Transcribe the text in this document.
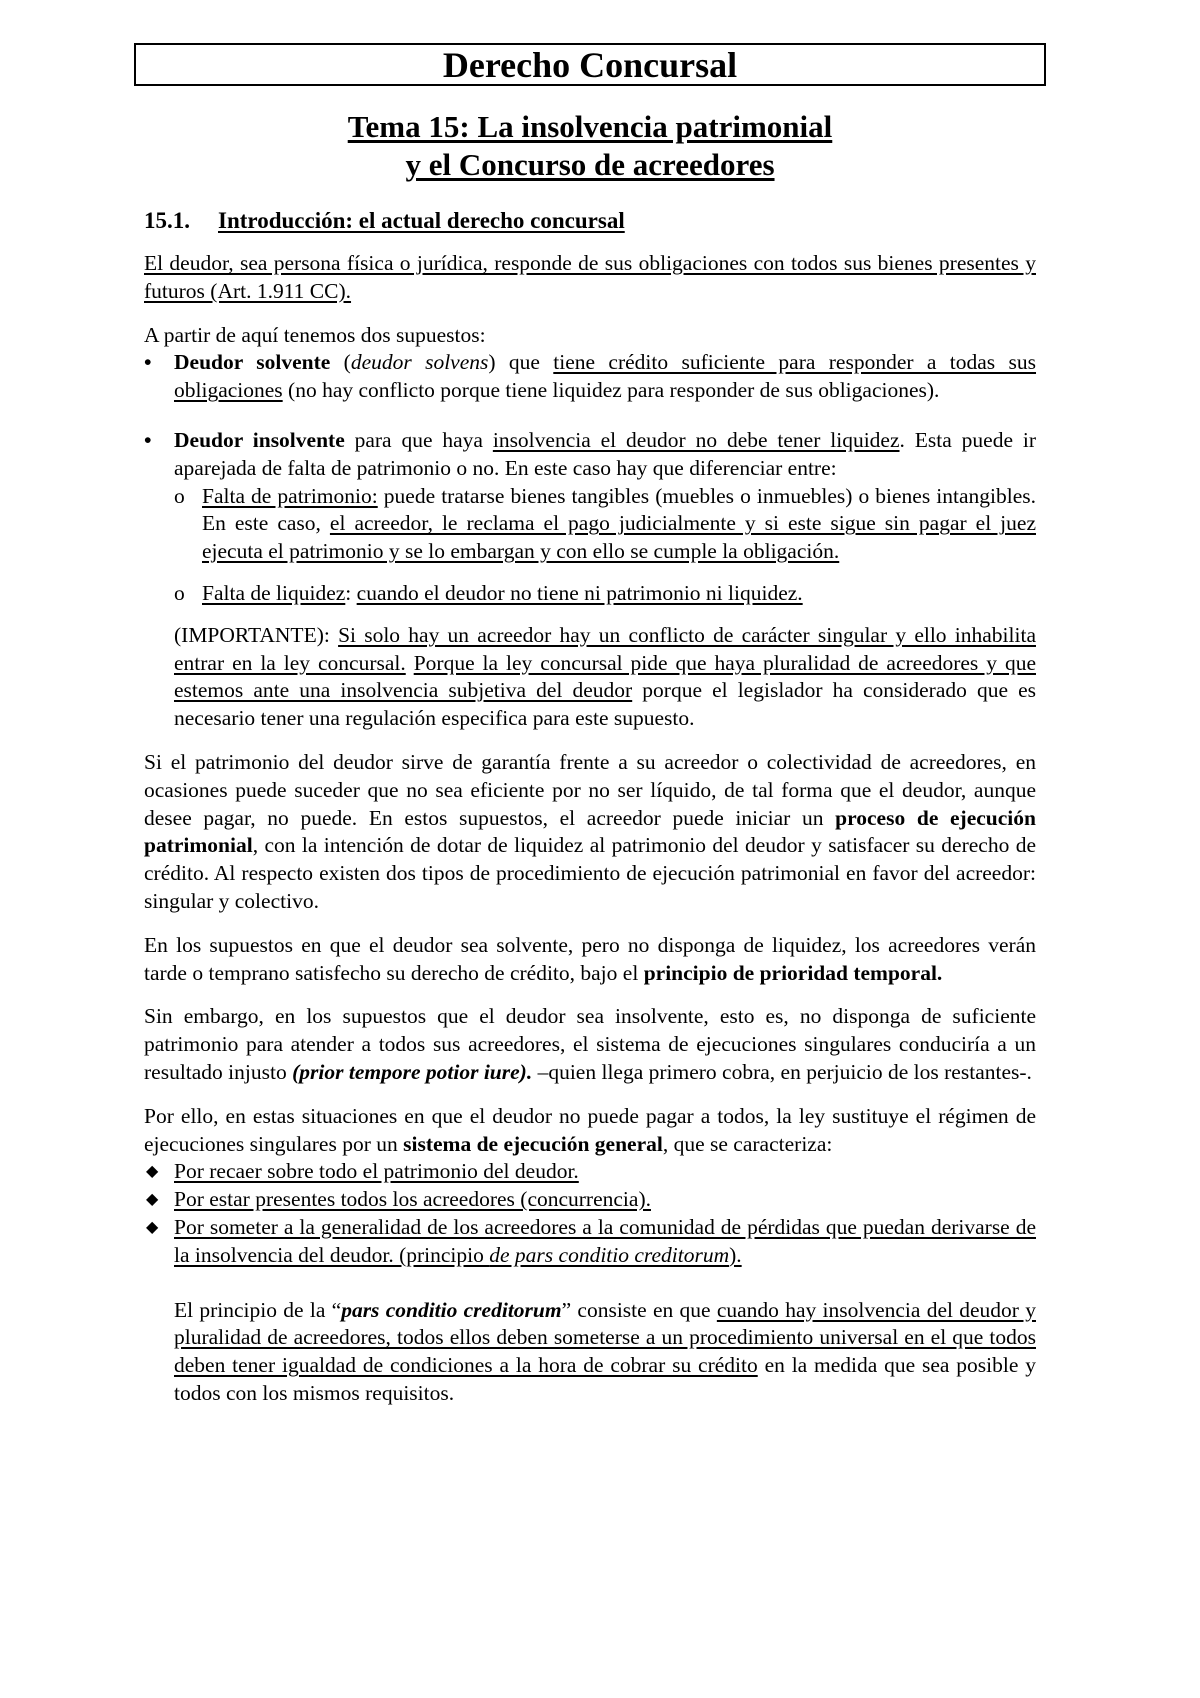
Derecho Concursal
Tema 15: La insolvencia patrimonial
y el Concurso de acreedores
15.1. Introducción: el actual derecho concursal

El deudor, sea persona física o jurídica, responde de sus obligaciones con todos sus bienes presentes y futuros (Art. 1.911 CC).

A partir de aquí tenemos dos supuestos:

• Deudor solvente (deudor solvens) que tiene crédito suficiente para responder a todas sus obligaciones (no hay conflicto porque tiene liquidez para responder de sus obligaciones).
• Deudor insolvente para que haya insolvencia el deudor no debe tener liquidez. Esta puede ir aparejada de falta de patrimonio o no. En este caso hay que diferenciar entre:
o Falta de patrimonio: puede tratarse bienes tangibles (muebles o inmuebles) o bienes intangibles. En este caso, el acreedor, le reclama el pago judicialmente y si este sigue sin pagar el juez ejecuta el patrimonio y se lo embargan y con ello se cumple la obligación.
o Falta de liquidez: cuando el deudor no tiene ni patrimonio ni liquidez.

(IMPORTANTE): Si solo hay un acreedor hay un conflicto de carácter singular y ello inhabilita entrar en la ley concursal. Porque la ley concursal pide que haya pluralidad de acreedores y que estemos ante una insolvencia subjetiva del deudor porque el legislador ha considerado que es necesario tener una regulación especifica para este supuesto.

Si el patrimonio del deudor sirve de garantía frente a su acreedor o colectividad de acreedores, en ocasiones puede suceder que no sea eficiente por no ser líquido, de tal forma que el deudor, aunque desee pagar, no puede. En estos supuestos, el acreedor puede iniciar un proceso de ejecución patrimonial, con la intención de dotar de liquidez al patrimonio del deudor y satisfacer su derecho de crédito. Al respecto existen dos tipos de procedimiento de ejecución patrimonial en favor del acreedor: singular y colectivo.

En los supuestos en que el deudor sea solvente, pero no disponga de liquidez, los acreedores verán tarde o temprano satisfecho su derecho de crédito, bajo el principio de prioridad temporal.

Sin embargo, en los supuestos que el deudor sea insolvente, esto es, no disponga de suficiente patrimonio para atender a todos sus acreedores, el sistema de ejecuciones singulares conduciría a un resultado injusto (prior tempore potior iure). –quien llega primero cobra, en perjuicio de los restantes-.

Por ello, en estas situaciones en que el deudor no puede pagar a todos, la ley sustituye el régimen de ejecuciones singulares por un sistema de ejecución general, que se caracteriza:

◆ Por recaer sobre todo el patrimonio del deudor.
◆ Por estar presentes todos los acreedores (concurrencia).
◆ Por someter a la generalidad de los acreedores a la comunidad de pérdidas que puedan derivarse de la insolvencia del deudor. (principio de pars conditio creditorum).

El principio de la “pars conditio creditorum” consiste en que cuando hay insolvencia del deudor y pluralidad de acreedores, todos ellos deben someterse a un procedimiento universal en el que todos deben tener igualdad de condiciones a la hora de cobrar su crédito en la medida que sea posible y todos con los mismos requisitos.
